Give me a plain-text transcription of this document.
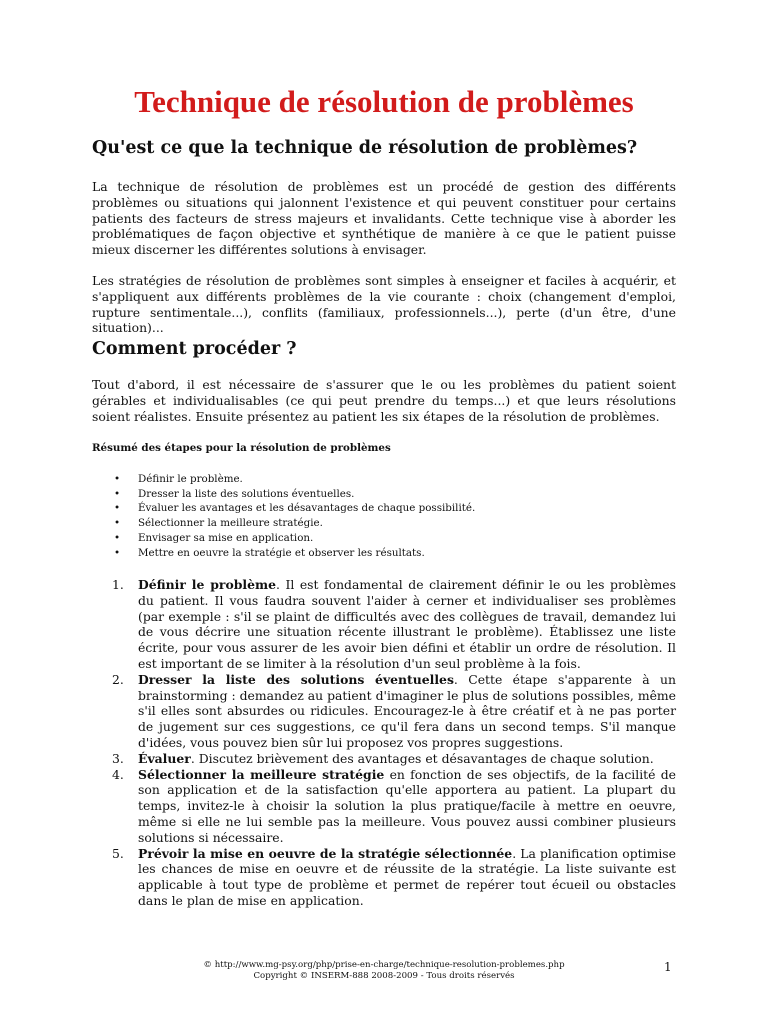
Technique de résolution de problèmes
Qu'est ce que la technique de résolution de problèmes?

La technique de résolution de problèmes est un procédé de gestion des différents problèmes ou situations qui jalonnent l'existence et qui peuvent constituer pour certains patients des facteurs de stress majeurs et invalidants. Cette technique vise à aborder les problématiques de façon objective et synthétique de manière à ce que le patient puisse mieux discerner les différentes solutions à envisager.

Les stratégies de résolution de problèmes sont simples à enseigner et faciles à acquérir, et s'appliquent aux différents problèmes de la vie courante : choix (changement d'emploi, rupture sentimentale...), conflits (familiaux, professionnels...), perte (d'un être, d'une situation)...

Comment procéder ?

Tout d'abord, il est nécessaire de s'assurer que le ou les problèmes du patient soient gérables et individualisables (ce qui peut prendre du temps...) et que leurs résolutions soient réalistes. Ensuite présentez au patient les six étapes de la résolution de problèmes.

Résumé des étapes pour la résolution de problèmes

• Définir le problème.
• Dresser la liste des solutions éventuelles.
• Évaluer les avantages et les désavantages de chaque possibilité.
• Sélectionner la meilleure stratégie.
• Envisager sa mise en application.
• Mettre en oeuvre la stratégie et observer les résultats.
1. Définir le problème. Il est fondamental de clairement définir le ou les problèmes du patient. Il vous faudra souvent l'aider à cerner et individualiser ses problèmes (par exemple : s'il se plaint de difficultés avec des collègues de travail, demandez lui de vous décrire une situation récente illustrant le problème). Établissez une liste écrite, pour vous assurer de les avoir bien défini et établir un ordre de résolution. Il est important de se limiter à la résolution d'un seul problème à la fois.
2. Dresser la liste des solutions éventuelles. Cette étape s'apparente à un brainstorming : demandez au patient d'imaginer le plus de solutions possibles, même s'il elles sont absurdes ou ridicules. Encouragez-le à être créatif et à ne pas porter de jugement sur ces suggestions, ce qu'il fera dans un second temps. S'il manque d'idées, vous pouvez bien sûr lui proposez vos propres suggestions.
3. Évaluer. Discutez brièvement des avantages et désavantages de chaque solution.
4. Sélectionner la meilleure stratégie en fonction de ses objectifs, de la facilité de son application et de la satisfaction qu'elle apportera au patient. La plupart du temps, invitez-le à choisir la solution la plus pratique/facile à mettre en oeuvre, même si elle ne lui semble pas la meilleure. Vous pouvez aussi combiner plusieurs solutions si nécessaire.
5. Prévoir la mise en oeuvre de la stratégie sélectionnée. La planification optimise les chances de mise en oeuvre et de réussite de la stratégie. La liste suivante est applicable à tout type de problème et permet de repérer tout écueil ou obstacles dans le plan de mise en application.
© http://www.mg-psy.org/php/prise-en-charge/technique-resolution-problemes.php
Copyright © INSERM-888 2008-2009 - Tous droits réservés

1
